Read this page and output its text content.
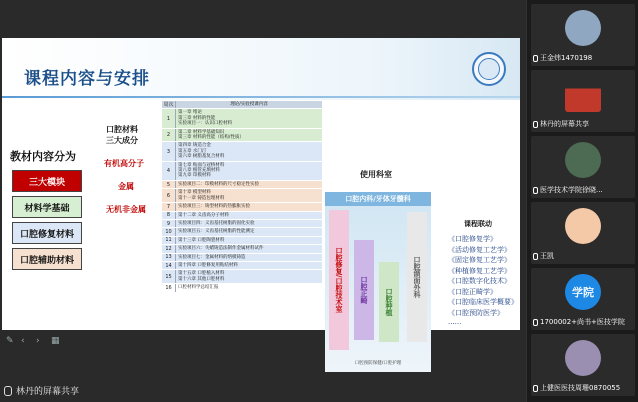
课程内容与安排
教材内容分为
三大模块
材料学基础
口腔修复材料
口腔辅助材料
口腔材料
三大成分
有机高分子
金属
无机非金属
周次	理论/实验授课内容
1
第一章 绪论
第三章 材料的性能
实验项目一：认识口腔材料
2	第二章 材料学基础知识
第三章 材料的性能（结构/性质）
3
第四章 铸造合金
第五章 水门汀
第六章 树脂基复合材料
4
第七章 贴面与冠桥材料
第八章 根管充填材料
第九章 印模材料
5	实验项目二：印模材料的尺寸稳定性实验
6	第十章 模型材料
第十一章 铸造包埋材料
7	实验项目三：铸型材料的热膨胀实验
8	第十二章 义齿高分子材料
9	实验项目四：义齿基托树脂的固化实验
10	实验项目五：义齿基托树脂的性能测定
11	第十三章 口腔陶瓷材料
12	实验项目六：失蜡铸造法制作金属材料试件
13	实验项目七：金属材料的熔模铸造
14	第十四章 口腔修复用粘结材料
15	第十五章 口腔植入材料
第十六章 其他口腔材料
16	口腔材料学总结汇报
使用科室
口腔内科/牙体牙髓科
口腔修复/口腔技术室	口腔正畸	口腔种植
口腔颌面外科
口腔预防保健/口腔护理
课程联动
《口腔修复学》
《活动修复工艺学》
《固定修复工艺学》
《种植修复工艺学》
《口腔数字化技术》
《口腔正畸学》
《口腔临床医学概要》
《口腔预防医学》
......
✎ ‹	›	▦
林丹的屏幕共享
王金炜1470198
林丹的屏幕共享
医学技术学院徐晓...
王凯
学院
1700002+尚书+医技学院
上健医医技周珊0870055
